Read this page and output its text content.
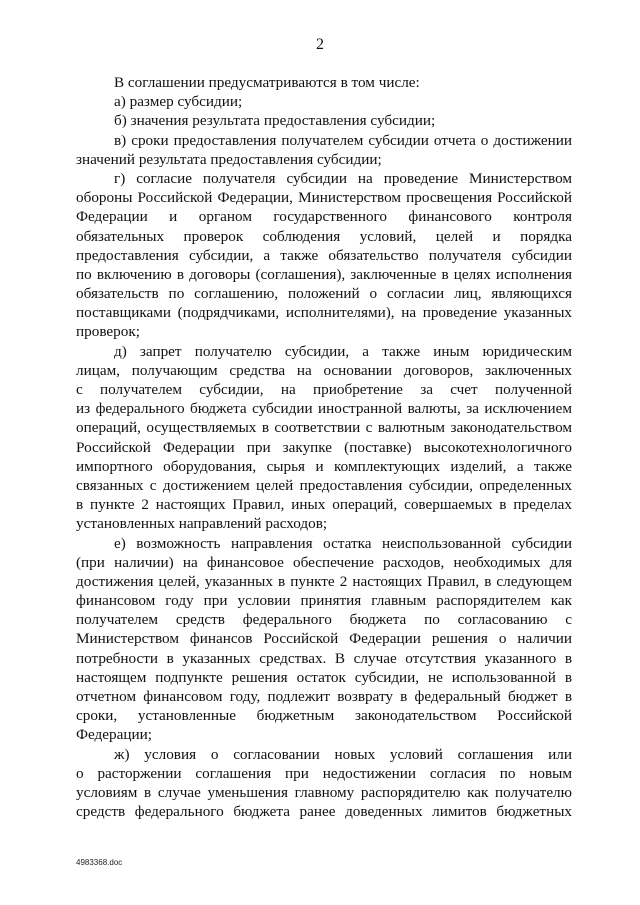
2
В соглашении предусматриваются в том числе:
а) размер субсидии;
б) значения результата предоставления субсидии;
в) сроки предоставления получателем субсидии отчета о достижении
значений результата предоставления субсидии;
г) согласие получателя субсидии на проведение Министерством
обороны Российской Федерации, Министерством просвещения Российской
Федерации и органом государственного финансового контроля
обязательных проверок соблюдения условий, целей и порядка
предоставления субсидии, а также обязательство получателя субсидии
по включению в договоры (соглашения), заключенные в целях исполнения
обязательств по соглашению, положений о согласии лиц, являющихся
поставщиками (подрядчиками, исполнителями), на проведение указанных
проверок;
д) запрет получателю субсидии, а также иным юридическим
лицам, получающим средства на основании договоров, заключенных
с получателем субсидии, на приобретение за счет полученной
из федерального бюджета субсидии иностранной валюты, за исключением
операций, осуществляемых в соответствии с валютным законодательством
Российской Федерации при закупке (поставке) высокотехнологичного
импортного оборудования, сырья и комплектующих изделий, а также
связанных с достижением целей предоставления субсидии, определенных
в пункте 2 настоящих Правил, иных операций, совершаемых в пределах
установленных направлений расходов;
е) возможность направления остатка неиспользованной субсидии
(при наличии) на финансовое обеспечение расходов, необходимых для
достижения целей, указанных в пункте 2 настоящих Правил, в следующем
финансовом году при условии принятия главным распорядителем как
получателем средств федерального бюджета по согласованию с
Министерством финансов Российской Федерации решения о наличии
потребности в указанных средствах. В случае отсутствия указанного в
настоящем подпункте решения остаток субсидии, не использованной в
отчетном финансовом году, подлежит возврату в федеральный бюджет в
сроки, установленные бюджетным законодательством Российской
Федерации;
ж) условия о согласовании новых условий соглашения или
о расторжении соглашения при недостижении согласия по новым
условиям в случае уменьшения главному распорядителю как получателю
средств федерального бюджета ранее доведенных лимитов бюджетных
4983368.doc
